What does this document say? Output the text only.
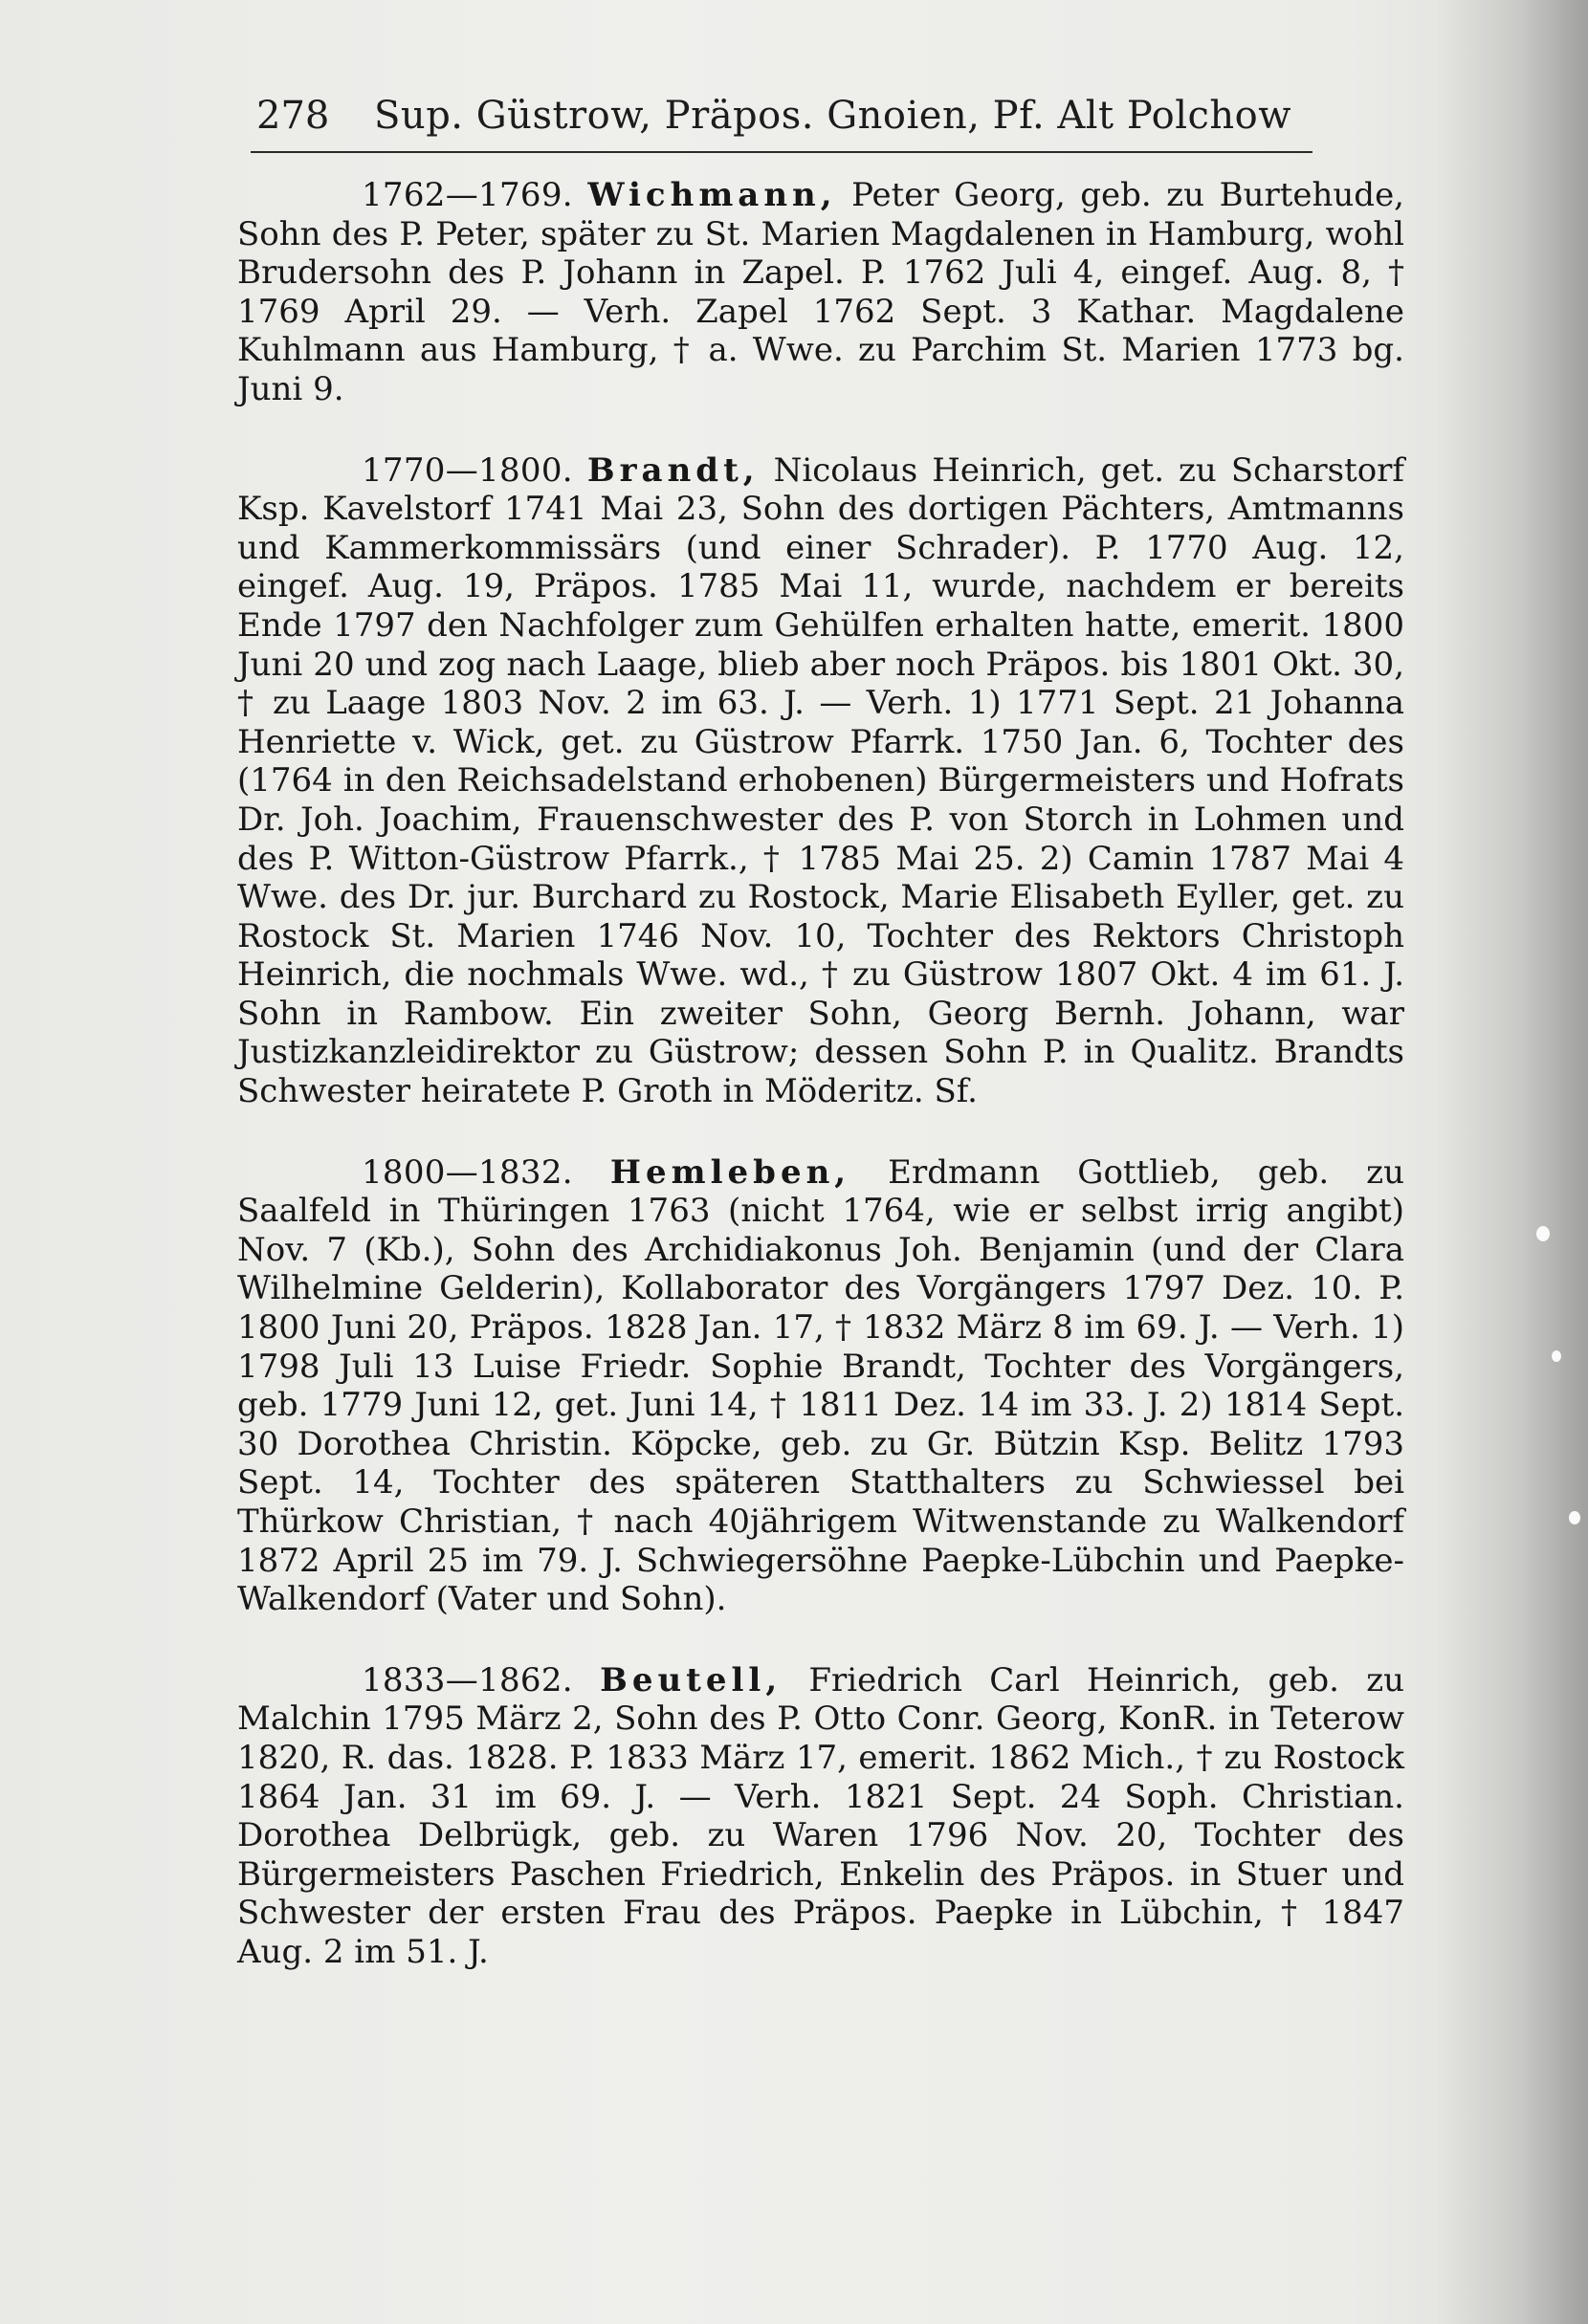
278 Sup. Güstrow, Präpos. Gnoien, Pf. Alt Polchow

1762—1769. Wichmann, Peter Georg, geb. zu Burtehude, Sohn des P. Peter, später zu St. Marien Magdalenen in Hamburg, wohl Brudersohn des P. Johann in Zapel. P. 1762 Juli 4, eingef. Aug. 8, † 1769 April 29. — Verh. Zapel 1762 Sept. 3 Kathar. Magdalene Kuhlmann aus Hamburg, † a. Wwe. zu Parchim St. Marien 1773 bg. Juni 9.

1770—1800. Brandt, Nicolaus Heinrich, get. zu Scharstorf Ksp. Kavelstorf 1741 Mai 23, Sohn des dortigen Pächters, Amtmanns und Kammerkommissärs (und einer Schrader). P. 1770 Aug. 12, eingef. Aug. 19, Präpos. 1785 Mai 11, wurde, nachdem er bereits Ende 1797 den Nachfolger zum Gehülfen erhalten hatte, emerit. 1800 Juni 20 und zog nach Laage, blieb aber noch Präpos. bis 1801 Okt. 30, † zu Laage 1803 Nov. 2 im 63. J. — Verh. 1) 1771 Sept. 21 Johanna Henriette v. Wick, get. zu Güstrow Pfarrk. 1750 Jan. 6, Tochter des (1764 in den Reichsadelstand erhobenen) Bürgermeisters und Hofrats Dr. Joh. Joachim, Frauenschwester des P. von Storch in Lohmen und des P. Witton-Güstrow Pfarrk., † 1785 Mai 25. 2) Camin 1787 Mai 4 Wwe. des Dr. jur. Burchard zu Rostock, Marie Elisabeth Eyller, get. zu Rostock St. Marien 1746 Nov. 10, Tochter des Rektors Christoph Heinrich, die nochmals Wwe. wd., † zu Güstrow 1807 Okt. 4 im 61. J. Sohn in Rambow. Ein zweiter Sohn, Georg Bernh. Johann, war Justizkanzleidirektor zu Güstrow; dessen Sohn P. in Qualitz. Brandts Schwester heiratete P. Groth in Möderitz. Sf.

1800—1832. Hemleben, Erdmann Gottlieb, geb. zu Saalfeld in Thüringen 1763 (nicht 1764, wie er selbst irrig angibt) Nov. 7 (Kb.), Sohn des Archidiakonus Joh. Benjamin (und der Clara Wilhelmine Gelderin), Kollaborator des Vorgängers 1797 Dez. 10. P. 1800 Juni 20, Präpos. 1828 Jan. 17, † 1832 März 8 im 69. J. — Verh. 1) 1798 Juli 13 Luise Friedr. Sophie Brandt, Tochter des Vorgängers, geb. 1779 Juni 12, get. Juni 14, † 1811 Dez. 14 im 33. J. 2) 1814 Sept. 30 Dorothea Christin. Köpcke, geb. zu Gr. Bützin Ksp. Belitz 1793 Sept. 14, Tochter des späteren Statthalters zu Schwiessel bei Thürkow Christian, † nach 40jährigem Witwenstande zu Walkendorf 1872 April 25 im 79. J. Schwiegersöhne Paepke-Lübchin und Paepke-Walkendorf (Vater und Sohn).

1833—1862. Beutell, Friedrich Carl Heinrich, geb. zu Malchin 1795 März 2, Sohn des P. Otto Conr. Georg, KonR. in Teterow 1820, R. das. 1828. P. 1833 März 17, emerit. 1862 Mich., † zu Rostock 1864 Jan. 31 im 69. J. — Verh. 1821 Sept. 24 Soph. Christian. Dorothea Delbrügk, geb. zu Waren 1796 Nov. 20, Tochter des Bürgermeisters Paschen Friedrich, Enkelin des Präpos. in Stuer und Schwester der ersten Frau des Präpos. Paepke in Lübchin, † 1847 Aug. 2 im 51. J.
